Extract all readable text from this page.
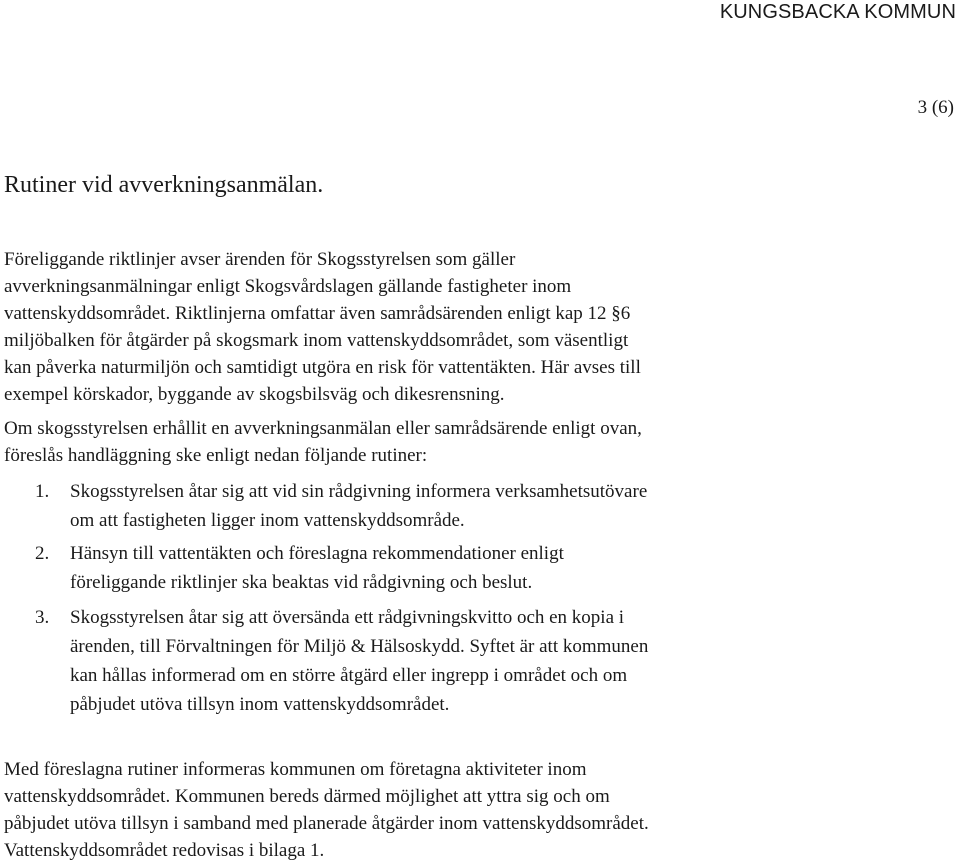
KUNGSBACKA KOMMUN
3 (6)
Rutiner vid avverkningsanmälan.

Föreliggande riktlinjer avser ärenden för Skogsstyrelsen som gäller
avverkningsanmälningar enligt Skogsvårdslagen gällande fastigheter inom
vattenskyddsområdet. Riktlinjerna omfattar även samrådsärenden enligt kap 12 §6
miljöbalken för åtgärder på skogsmark inom vattenskyddsområdet, som väsentligt
kan påverka naturmiljön och samtidigt utgöra en risk för vattentäkten. Här avses till
exempel körskador, byggande av skogsbilsväg och dikesrensning.

Om skogsstyrelsen erhållit en avverkningsanmälan eller samrådsärende enligt ovan,
föreslås handläggning ske enligt nedan följande rutiner:

1.	Skogsstyrelsen åtar sig att vid sin rådgivning informera verksamhetsutövare
om att fastigheten ligger inom vattenskyddsområde.
2.	Hänsyn till vattentäkten och föreslagna rekommendationer enligt
föreliggande riktlinjer ska beaktas vid rådgivning och beslut.
3.	Skogsstyrelsen åtar sig att översända ett rådgivningskvitto och en kopia i
ärenden, till Förvaltningen för Miljö & Hälsoskydd. Syftet är att kommunen
kan hållas informerad om en större åtgärd eller ingrepp i området och om
påbjudet utöva tillsyn inom vattenskyddsområdet.

Med föreslagna rutiner informeras kommunen om företagna aktiviteter inom
vattenskyddsområdet. Kommunen bereds därmed möjlighet att yttra sig och om
påbjudet utöva tillsyn i samband med planerade åtgärder inom vattenskyddsområdet.
Vattenskyddsområdet redovisas i bilaga 1.
